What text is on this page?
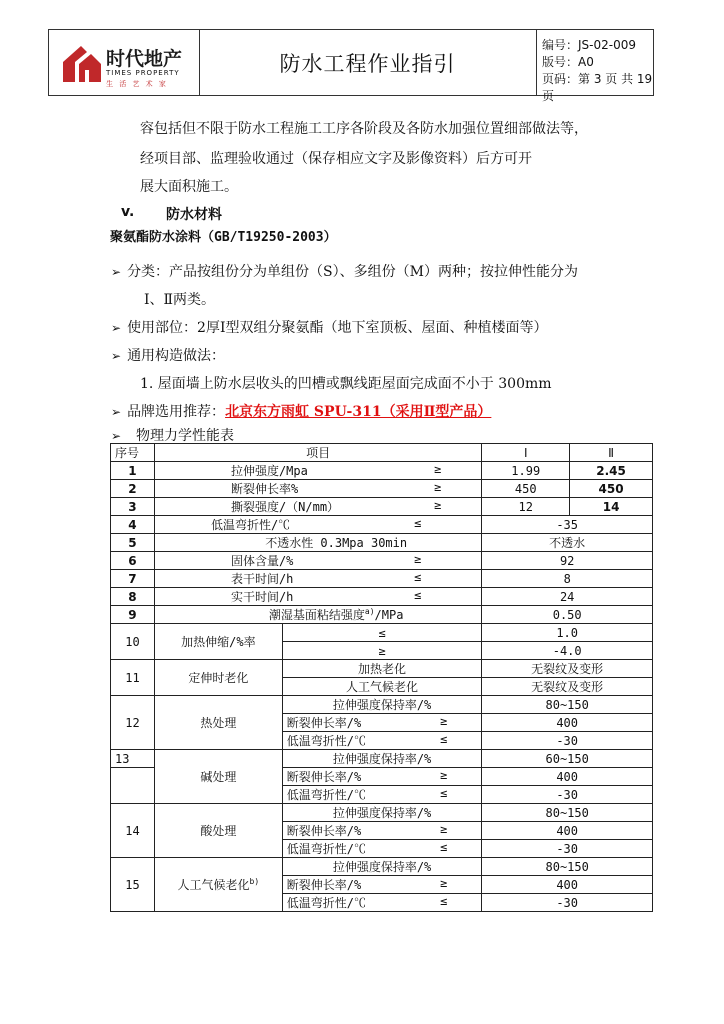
时代地产
TIMES PROPERTY
生 活 艺 术 家
防水工程作业指引
编号：JS-02-009
版号：A0
页码：第 3 页 共 19 页
容包括但不限于防水工程施工工序各阶段及各防水加强位置细部做法等，
经项目部、监理验收通过（保存相应文字及影像资料）后方可开
展大面积施工。
v. 防水材料
聚氨酯防水涂料（GB/T19250-2003）
➢ 分类：产品按组份分为单组份（S）、多组份（M）两种；按拉伸性能分为
Ⅰ、Ⅱ两类。
➢ 使用部位：2厚Ⅰ型双组分聚氨酯（地下室顶板、屋面、种植楼面等）
➢ 通用构造做法：
1. 屋面墙上防水层收头的凹槽或飘线距屋面完成面不小于 300mm
➢ 品牌选用推荐：北京东方雨虹 SPU-311（采用Ⅱ型产品）
➢ 物理力学性能表
序号	项目		Ⅰ	Ⅱ
1	拉伸强度/Mpa ≥		1.99	2.45
2	断裂伸长率% ≥		450	450
3	撕裂强度/（N/mm） ≥		12	14
4	低温弯折性/℃ ≤		-35	
5	不透水性 0.3Mpa 30min		不透水	
6	固体含量/% ≥		92	
7	表干时间/h ≤		8	
8	实干时间/h ≤		24	
9	潮湿基面粘结强度$^{a)}$/MPa		0.50	
10	加热伸缩/%率	≤	1.0	
		≥	-4.0	
11	定伸时老化	加热老化	无裂纹及变形	
		人工气候老化	无裂纹及变形	
12	热处理	拉伸强度保持率/%	80~150	
		断裂伸长率/% ≥	400	
		低温弯折性/℃ ≤	-30	
13	碱处理	拉伸强度保持率/%	60~150	
		断裂伸长率/% ≥	400	
		低温弯折性/℃ ≤	-30	
14	酸处理	拉伸强度保持率/%	80~150	
		断裂伸长率/% ≥	400	
		低温弯折性/℃ ≤	-30	
15	人工气候老化$^{b)}$	拉伸强度保持率/%	80~150	
		断裂伸长率/% ≥	400	
		低温弯折性/℃ ≤	-30	
